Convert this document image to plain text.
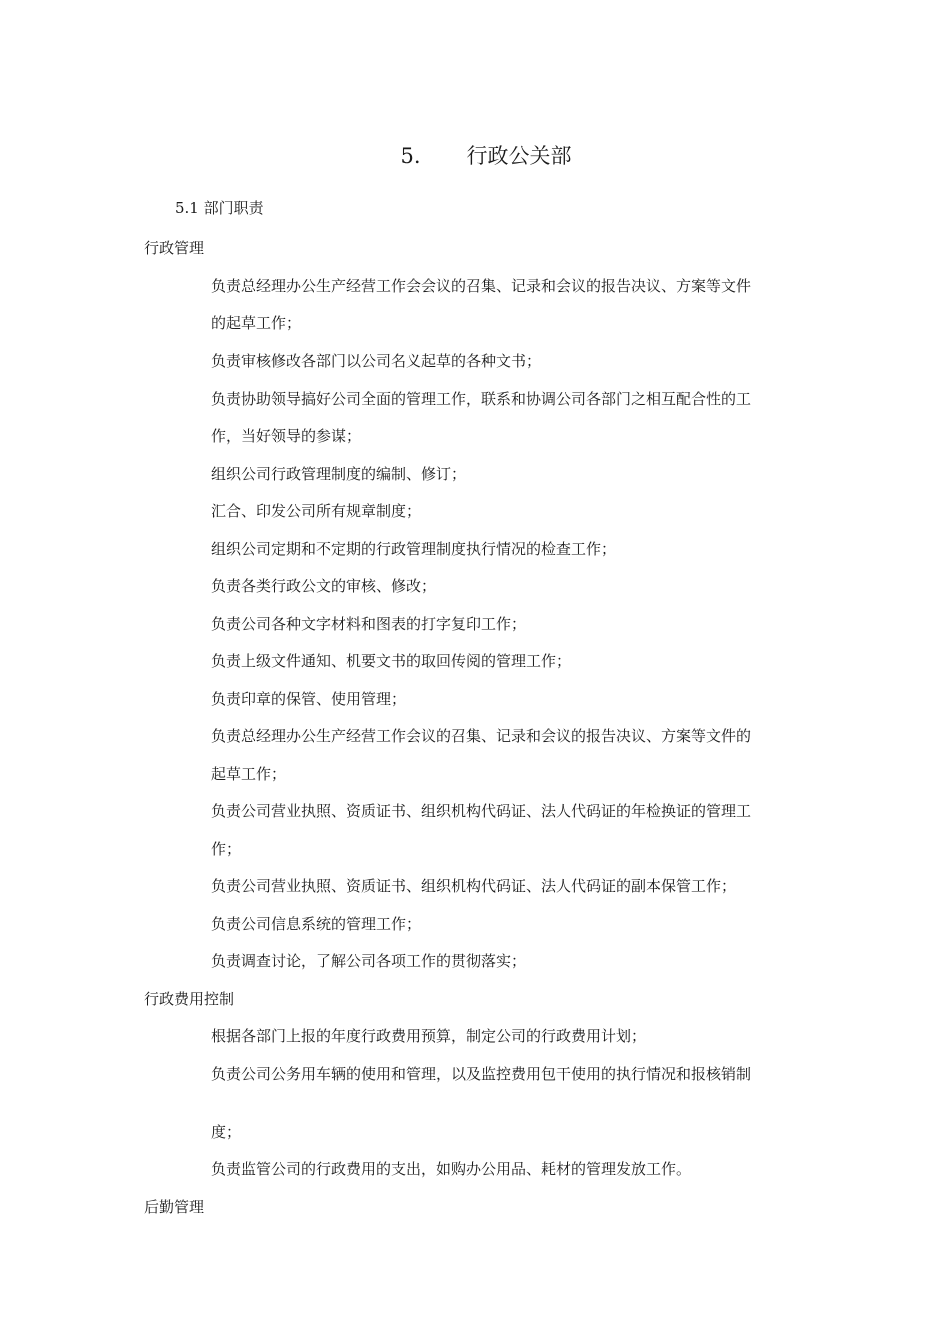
5. 行政公关部
5.1 部门职责
行政管理
负责总经理办公生产经营工作会会议的召集、记录和会议的报告决议、方案等文件
的起草工作；
负责审核修改各部门以公司名义起草的各种文书；
负责协助领导搞好公司全面的管理工作，联系和协调公司各部门之相互配合性的工
作，当好领导的参谋；
组织公司行政管理制度的编制、修订；
汇合、印发公司所有规章制度；
组织公司定期和不定期的行政管理制度执行情况的检查工作；
负责各类行政公文的审核、修改；
负责公司各种文字材料和图表的打字复印工作；
负责上级文件通知、机要文书的取回传阅的管理工作；
负责印章的保管、使用管理；
负责总经理办公生产经营工作会议的召集、记录和会议的报告决议、方案等文件的
起草工作；
负责公司营业执照、资质证书、组织机构代码证、法人代码证的年检换证的管理工
作；
负责公司营业执照、资质证书、组织机构代码证、法人代码证的副本保管工作；
负责公司信息系统的管理工作；
负责调查讨论，了解公司各项工作的贯彻落实；
行政费用控制
根据各部门上报的年度行政费用预算，制定公司的行政费用计划；
负责公司公务用车辆的使用和管理，以及监控费用包干使用的执行情况和报核销制
度；
负责监管公司的行政费用的支出，如购办公用品、耗材的管理发放工作。
后勤管理
